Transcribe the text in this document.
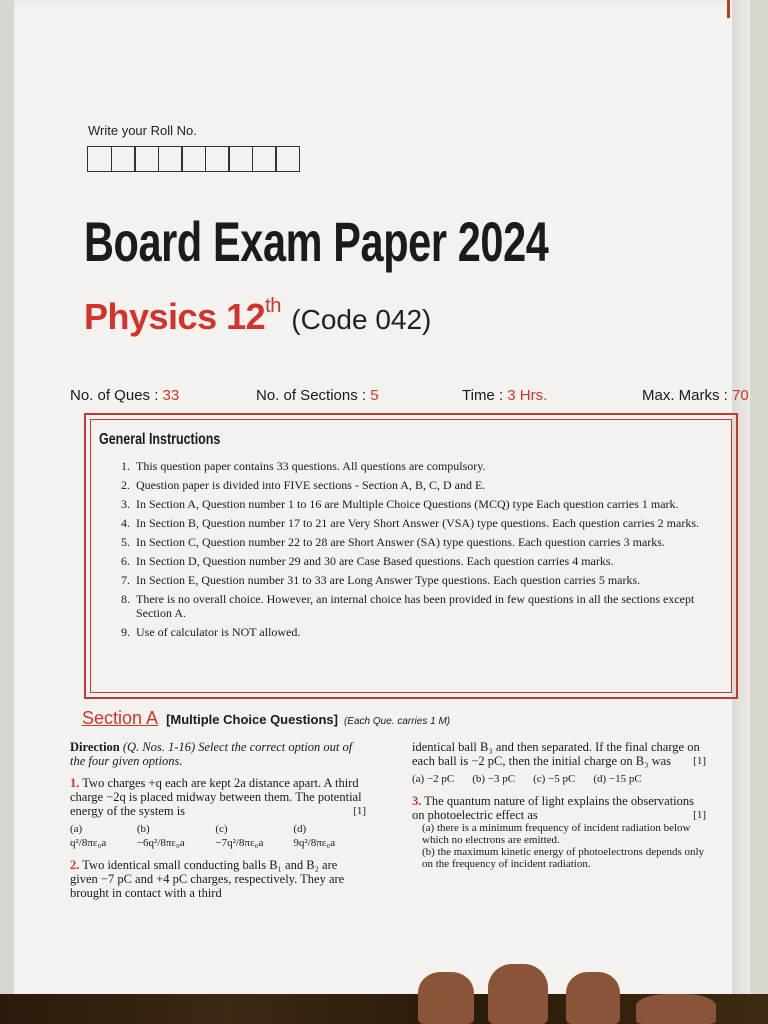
Write your Roll No.
Board Exam Paper 2024
Physics 12th (Code 042)
No. of Ques : 33	No. of Sections : 5	Time : 3 Hrs.	Max. Marks : 70
General Instructions
1. This question paper contains 33 questions. All questions are compulsory.
2. Question paper is divided into FIVE sections - Section A, B, C, D and E.
3. In Section A, Question number 1 to 16 are Multiple Choice Questions (MCQ) type Each question carries 1 mark.
4. In Section B, Question number 17 to 21 are Very Short Answer (VSA) type questions. Each question carries 2 marks.
5. In Section C, Question number 22 to 28 are Short Answer (SA) type questions. Each question carries 3 marks.
6. In Section D, Question number 29 and 30 are Case Based questions. Each question carries 4 marks.
7. In Section E, Question number 31 to 33 are Long Answer Type questions. Each question carries 5 marks.
8. There is no overall choice. However, an internal choice has been provided in few questions in all the sections except Section A.
9. Use of calculator is NOT allowed.
Section A [Multiple Choice Questions] (Each Que. carries 1 M)
Direction (Q. Nos. 1-16) Select the correct option out of the four given options.
1. Two charges +q each are kept 2a distance apart. A third charge −2q is placed midway between them. The potential energy of the system is	[1]
(a) q²/8πε₀a
(b) −6q²/8πε₀a
(c) −7q²/8πε₀a
(d) 9q²/8πε₀a
2. Two identical small conducting balls B₁ and B₂ are given −7 pC and +4 pC charges, respectively. They are brought in contact with a third
identical ball B₃ and then separated. If the final charge on each ball is −2 pC, then the initial charge on B₃ was [1]
(a) −2 pC (b) −3 pC (c) −5 pC (d) −15 pC
3. The quantum nature of light explains the observations on photoelectric effect as	[1]
(a) there is a minimum frequency of incident radiation below which no electrons are emitted.
(b) the maximum kinetic energy of photoelectrons depends only on the frequency of incident radiation.
